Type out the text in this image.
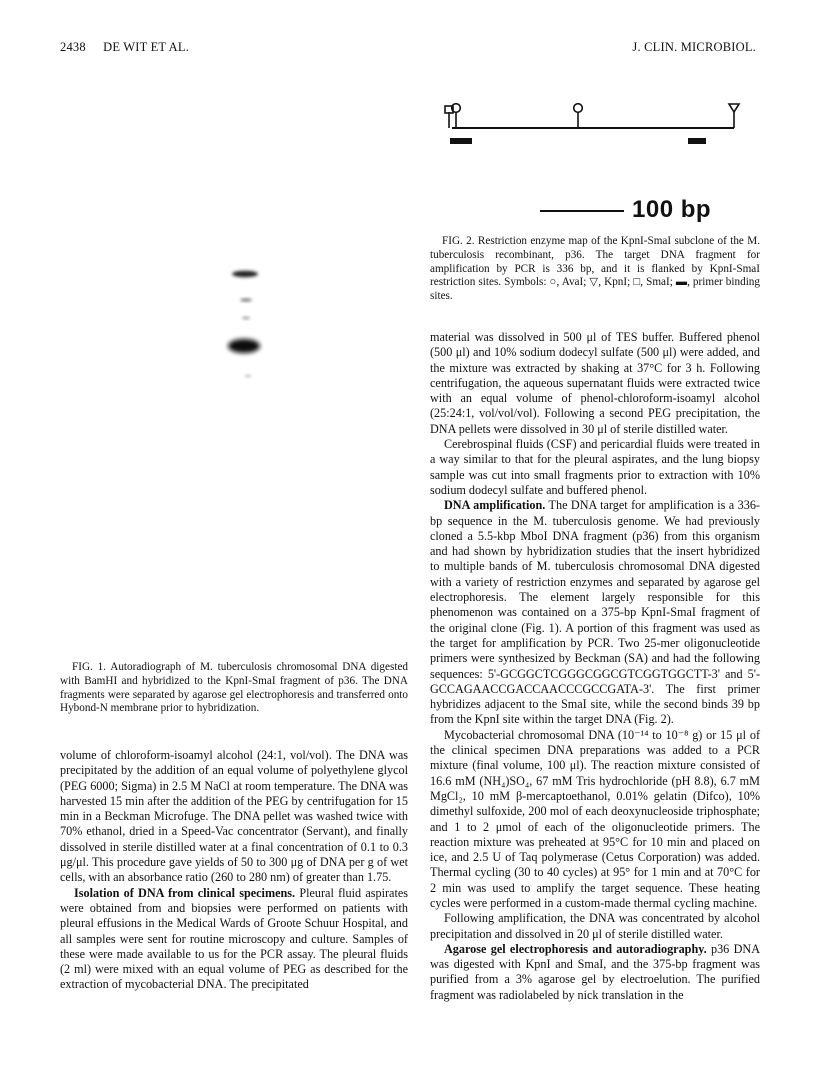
2438 DE WIT ET AL.	J. CLIN. MICROBIOL.
100 bp

FIG. 2. Restriction enzyme map of the KpnI-SmaI subclone of the M. tuberculosis recombinant, p36. The target DNA fragment for amplification by PCR is 336 bp, and it is flanked by KpnI-SmaI restriction sites. Symbols: ○, AvaI; ▽, KpnI; □, SmaI; ▬, primer binding sites.

FIG. 1. Autoradiograph of M. tuberculosis chromosomal DNA digested with BamHI and hybridized to the KpnI-SmaI fragment of p36. The DNA fragments were separated by agarose gel electrophoresis and transferred onto Hybond-N membrane prior to hybridization.

volume of chloroform-isoamyl alcohol (24:1, vol/vol). The DNA was precipitated by the addition of an equal volume of polyethylene glycol (PEG 6000; Sigma) in 2.5 M NaCl at room temperature. The DNA was harvested 15 min after the addition of the PEG by centrifugation for 15 min in a Beckman Microfuge. The DNA pellet was washed twice with 70% ethanol, dried in a Speed-Vac concentrator (Servant), and finally dissolved in sterile distilled water at a final concentration of 0.1 to 0.3 μg/μl. This procedure gave yields of 50 to 300 μg of DNA per g of wet cells, with an absorbance ratio (260 to 280 nm) of greater than 1.75.

Isolation of DNA from clinical specimens. Pleural fluid aspirates were obtained from and biopsies were performed on patients with pleural effusions in the Medical Wards of Groote Schuur Hospital, and all samples were sent for routine microscopy and culture. Samples of these were made available to us for the PCR assay. The pleural fluids (2 ml) were mixed with an equal volume of PEG as described for the extraction of mycobacterial DNA. The precipitated

material was dissolved in 500 μl of TES buffer. Buffered phenol (500 μl) and 10% sodium dodecyl sulfate (500 μl) were added, and the mixture was extracted by shaking at 37°C for 3 h. Following centrifugation, the aqueous supernatant fluids were extracted twice with an equal volume of phenol-chloroform-isoamyl alcohol (25:24:1, vol/vol/vol). Following a second PEG precipitation, the DNA pellets were dissolved in 30 μl of sterile distilled water.

Cerebrospinal fluids (CSF) and pericardial fluids were treated in a way similar to that for the pleural aspirates, and the lung biopsy sample was cut into small fragments prior to extraction with 10% sodium dodecyl sulfate and buffered phenol.

DNA amplification. The DNA target for amplification is a 336-bp sequence in the M. tuberculosis genome. We had previously cloned a 5.5-kbp MboI DNA fragment (p36) from this organism and had shown by hybridization studies that the insert hybridized to multiple bands of M. tuberculosis chromosomal DNA digested with a variety of restriction enzymes and separated by agarose gel electrophoresis. The element largely responsible for this phenomenon was contained on a 375-bp KpnI-SmaI fragment of the original clone (Fig. 1). A portion of this fragment was used as the target for amplification by PCR. Two 25-mer oligonucleotide primers were synthesized by Beckman (SA) and had the following sequences: 5'-GCGGCTCGGGCGGCGTCGGTGGCTT-3' and 5'-GCCAGAACCGACCAACCCGCCGATA-3'. The first primer hybridizes adjacent to the SmaI site, while the second binds 39 bp from the KpnI site within the target DNA (Fig. 2).

Mycobacterial chromosomal DNA (10⁻¹⁴ to 10⁻⁸ g) or 15 μl of the clinical specimen DNA preparations was added to a PCR mixture (final volume, 100 μl). The reaction mixture consisted of 16.6 mM (NH₄)SO₄, 67 mM Tris hydrochloride (pH 8.8), 6.7 mM MgCl₂, 10 mM β-mercaptoethanol, 0.01% gelatin (Difco), 10% dimethyl sulfoxide, 200 mol of each deoxynucleoside triphosphate; and 1 to 2 μmol of each of the oligonucleotide primers. The reaction mixture was preheated at 95°C for 10 min and placed on ice, and 2.5 U of Taq polymerase (Cetus Corporation) was added. Thermal cycling (30 to 40 cycles) at 95° for 1 min and at 70°C for 2 min was used to amplify the target sequence. These heating cycles were performed in a custom-made thermal cycling machine.

Following amplification, the DNA was concentrated by alcohol precipitation and dissolved in 20 μl of sterile distilled water.

Agarose gel electrophoresis and autoradiography. p36 DNA was digested with KpnI and SmaI, and the 375-bp fragment was purified from a 3% agarose gel by electroelution. The purified fragment was radiolabeled by nick translation in the
